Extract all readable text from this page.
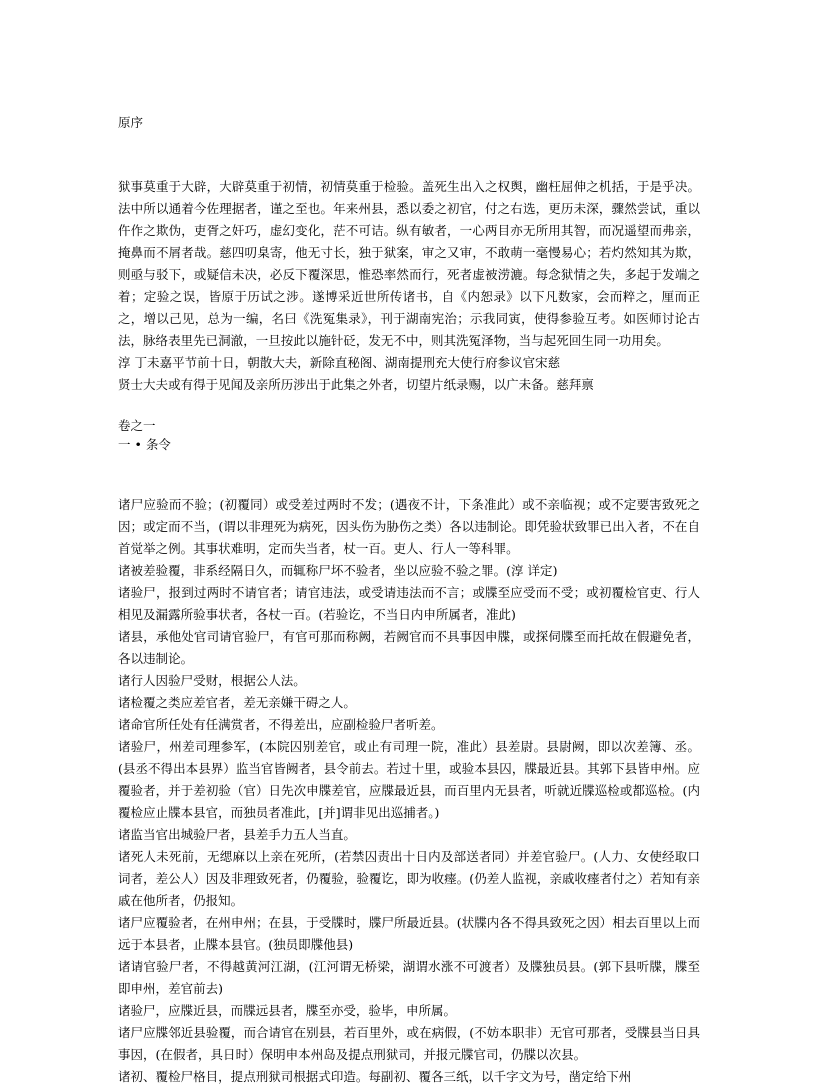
原序

狱事莫重于大辟，大辟莫重于初情，初情莫重于检验。盖死生出入之权舆，幽枉屈伸之机括，于是乎决。法中所以通着今佐理据者，谨之至也。年来州县，悉以委之初官，付之右选，更历未深，骤然尝试，重以仵作之欺伪，吏胥之奸巧，虚幻变化，茫不可诘。纵有敏者，一心两目亦无所用其智，而况遥望而弗亲，掩鼻而不屑者哉。慈四叨臬寄，他无寸长，独于狱案，审之又审，不敢萌一毫慢易心；若灼然知其为欺，则亟与驳下，或疑信未决，必反下覆深思，惟恐率然而行，死者虚被涝漉。每念狱情之失，多起于发端之着；定验之误，皆原于历试之涉。遂博采近世所传诸书，自《内恕录》以下凡数家，会而粹之，厘而正之，增以己见，总为一编，名曰《洗冤集录》，刊于湖南宪治；示我同寅，使得参验互考。如医师讨论古法，脉络表里先已洞澈，一旦按此以施针砭，发无不中，则其洗冤泽物，当与起死回生同一功用矣。

淳 丁未嘉平节前十日，朝散大夫，新除直秘阁、湖南提刑充大使行府参议官宋慈

贤士大夫或有得于见闻及亲所历涉出于此集之外者，切望片纸录赐，以广未备。慈拜禀

卷之一

一 • 条令

诸尸应验而不验；(初覆同）或受差过两时不发；(遇夜不计，下条准此）或不亲临视；或不定要害致死之因；或定而不当，(谓以非理死为病死，因头伤为胁伤之类）各以违制论。即凭验状致罪已出入者，不在自首觉举之例。其事状难明，定而失当者，杖一百。吏人、行人一等科罪。

诸被差验覆，非系经隔日久，而辄称尸坏不验者，坐以应验不验之罪。(淳 详定)

诸验尸，报到过两时不请官者；请官违法，或受请违法而不言；或牒至应受而不受；或初覆检官吏、行人相见及漏露所验事状者，各杖一百。(若验讫，不当日内申所属者，准此)

诸县，承他处官司请官验尸，有官可那而称阙，若阙官而不具事因申牒，或探伺牒至而托故在假避免者，各以违制论。

诸行人因验尸受财，根据公人法。

诸检覆之类应差官者，差无亲嫌干碍之人。

诸命官所任处有任满赏者，不得差出，应副检验尸者听差。

诸验尸，州差司理参军，(本院囚别差官，或止有司理一院，准此）县差尉。县尉阙，即以次差簿、丞。(县丞不得出本县界）监当官皆阙者，县令前去。若过十里，或验本县囚，牒最近县。其郭下县皆申州。应覆验者，并于差初验（官）日先次申牒差官，应牒最近县，而百里内无县者，听就近牒巡检或都巡检。(内覆检应止牒本县官，而独员者准此，[并]谓非见出巡捕者。)

诸监当官出城验尸者，县差手力五人当直。

诸死人未死前，无缌麻以上亲在死所，(若禁囚责出十日内及部送者同）并差官验尸。(人力、女使经取口词者，差公人）因及非理致死者，仍覆验，验覆讫，即为收瘗。(仍差人监视，亲戚收瘗者付之）若知有亲戚在他所者，仍报知。

诸尸应覆验者，在州申州；在县，于受牒时，牒尸所最近县。(状牒内各不得具致死之因）相去百里以上而远于本县者，止牒本县官。(独员即牒他县)

诸请官验尸者，不得越黄河江湖，(江河谓无桥梁，湖谓水涨不可渡者）及牒独员县。(郭下县听牒，牒至即申州，差官前去)

诸验尸，应牒近县，而牒远县者，牒至亦受，验毕，申所属。

诸尸应牒邻近县验覆，而合请官在别县，若百里外，或在病假，(不妨本职非）无官可那者，受牒县当日具事因，(在假者，具日时）保明申本州岛及提点刑狱司，并报元牒官司，仍牒以次县。

诸初、覆检尸格目，提点刑狱司根据式印造。每副初、覆各三纸，以千字文为号，凿定给下州
